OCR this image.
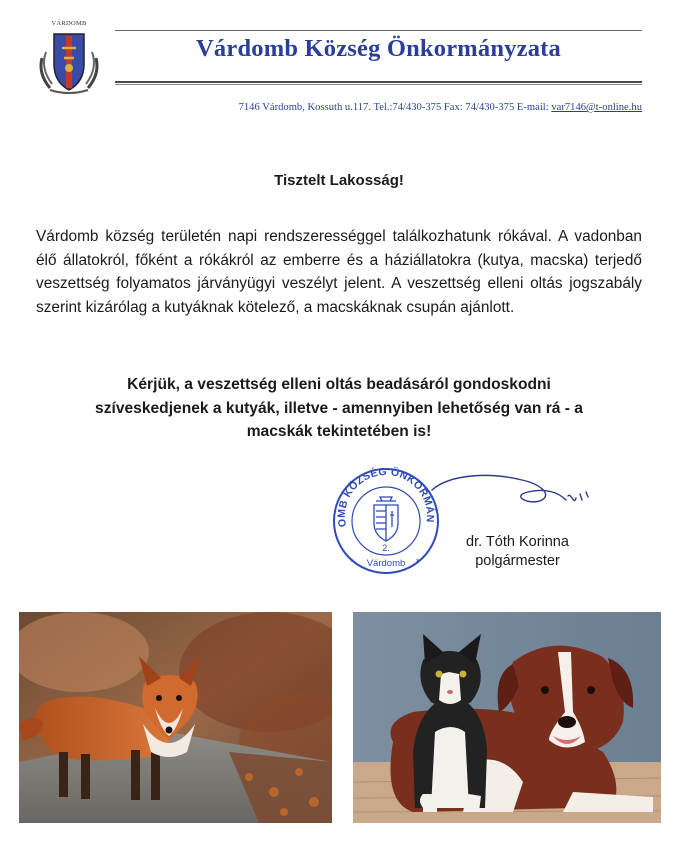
VÁRDOMB
Várdomb Község Önkormányzata
7146 Várdomb, Kossuth u.117. Tel.:74/430-375 Fax: 74/430-375 E-mail: var7146@t-online.hu
Tisztelt Lakosság!
Várdomb község területén napi rendszerességgel találkozhatunk rókával. A vadonban élő állatokról, főként a rókákról az emberre és a háziállatokra (kutya, macska) terjedő veszettség folyamatos járványügyi veszélyt jelent. A veszettség elleni oltás jogszabály szerint kizárólag a kutyáknak kötelező, a macskáknak csupán ajánlott.
Kérjük, a veszettség elleni oltás beadásáról gondoskodni szíveskedjenek a kutyák, illetve - amennyiben lehetőség van rá - a macskák tekintetében is!
OMB KÖZSÉG ÖNKORMÁN
2.
Várdomb
*	*
dr. Tóth Korinna
polgármester
